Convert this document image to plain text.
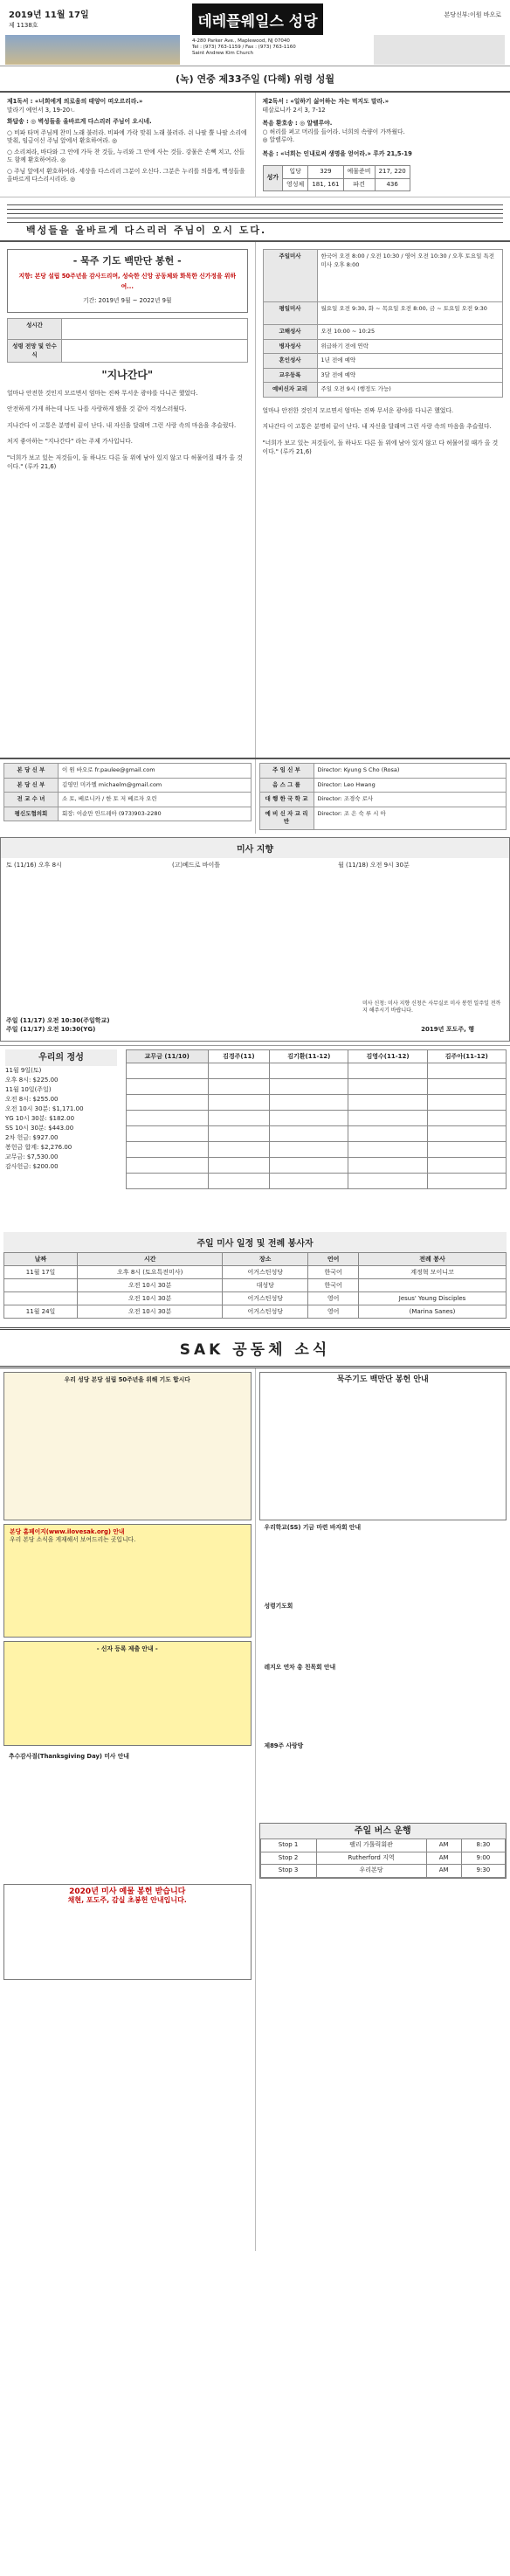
2019년 11월 17일
제 1138호	데레플웨일스 성당	본당신부:이원 바오로
4-280 Parker Ave., Maplewood, NJ 07040
Tel : (973) 763-1159 / Fax : (973) 763-1160
Saint Andrew Kim Church
(녹) 연중 제33주일 (다해) 위령 성월
제1독서 : «너희에게 의로움의 태양이 떠오르리라.»
말라기 예언서 3, 19-20ㄴ
화답송 : ◎ 벽성들을 올바르게 다스리러 주님이 오시네.
○ 비파 타며 주님께 찬미 노래 불러라. 비파에 가락 맞춰 노래 불러라. 쉬 나팔 뿔 나팔 소리에 맞춰, 임금이신 주님 앞에서 환호하여라. ◎
○ 소리쳐라, 바다와 그 안에 가득 찬 것들, 누리와 그 안에 사는 것들. 강물은 손뼉 치고, 산들도 함께 환호하여라. ◎
○ 주님 앞에서 환호하여라. 세상을 다스리러 그분이 오신다. 그분은 누리를 의롭게, 백성들을 올바르게 다스리시리라. ◎
제2독서 : «일하기 싫어하는 자는 먹지도 말라.»
테살로니카 2서 3, 7-12
복음 환호송 : ◎ 알렐루야.
○ 허리를 펴고 머리를 들어라. 너희의 속량이 가까웠다.
◎ 알렐루야.
복음 : «너희는 인내로써 생명을 얻어라.» 루카 21,5-19
성가	입당	329	예물준비	217, 220
	영성체	181, 161	파견	436
백성들을 올바르게 다스리러 주님이 오시 도다.
- 묵주 기도 백만단 봉헌 -
지향: 본당 설립 50주년을 감사드리며, 성숙한 신앙 공동체와 화목한 신가정을 위하여...
기간: 2019년 9월 ~ 2022년 9월
성시간	
성령 전망 및 안수식	
"지나간다"

얼마나 안전한 것인지 모르면서 엄마는 진짜 무서운 광야를 다니곤 했었다.

안전하게 가게 하는데 나도 나를 사랑하게 됐을 것 같아 걱정스러웠다.

지나간다 이 고통은 분명히 끝이 난다. 내 자신을 달래며 그런 사랑 속의 마음을 추슬렀다.

처지 좋아하는 "지나간다" 라는 주제 가사입니다.

"너희가 보고 있는 저것들이, 돌 하나도 다른 돌 위에 남아 있지 않고 다 허물어질 때가 올 것이다." (루카 21,6)

주일미사	한국어 오전 8:00 / 오전 10:30 / 영어 오전 10:30 / 오후 토요일 특전미사 오후 8:00
평일미사	월요일 오전 9:30, 화 ~ 목요일 오전 8:00, 금 ~ 토요일 오전 9:30
고해성사	오전 10:00 ~ 10:25
병자성사	위급하기 전에 연락
혼인성사	1년 전에 예약
교우등록	3달 전에 예약
예비신자 교리	주일 오전 9시 (행정도 가능)

얼마나 안전한 것인지 모르면서 엄마는 진짜 무서운 광야를 다니곤 했었다.

지나간다 이 고통은 분명히 끝이 난다. 내 자신을 달래며 그런 사랑 속의 마음을 추슬렀다.

"너희가 보고 있는 저것들이, 돌 하나도 다른 돌 위에 남아 있지 않고 다 허물어질 때가 올 것이다." (루카 21,6)

본 당 신 부	이 원 바오로 fr.paulee@gmail.com
본 당 신 부	김영민 미카엘 michaelm@gmail.com
전 교 수 녀	소 토, 베로니카 / 한 토 저 베르자 오린
평신도협의회	회장: 이순만 안드레아 (973)903-2280
주 임 신 부	Director: Kyung S Cho (Rosa)
음 스 그 를	Director: Leo Hwang
대 행 한 국 학 교	Director: 조경숙 로사
예 비 신 자 교 리 반	Director: 조 은 숙 루 시 아
미사 지향
토 (11/16) 오후 8시	(고)베드로 바이틀	월 (11/18) 오전 9시 30분
주일 (11/17) 오전 10:30(주일학교)
주일 (11/17) 오전 10:30(YG)
미사 신청: 미사 지향 신청은 사무실로 미사 봉헌 일주일 전까지 해주시기 바랍니다.
2019년 포도주, 행
우리의 정성
11월 9일(토)
오후 8시: $225.00
11월 10일(주일)
오전 8시: $255.00
오전 10시 30분: $1,171.00
YG 10시 30분: $182.00
SS 10시 30분: $443.00
2차 헌금: $927.00
봉헌금 합계: $2,276.00
교무금: $7,530.00
감사헌금: $200.00
교무금 (11/10)	김경주(11)	김기환(11-12)	김영수(11-12)	김주아(11-12)

주일 미사 일정 및 전례 봉사자
날짜	시간	장소	언어	전례 봉사
11월 17일	오후 8시 (토요특전미사)	어거스틴성당	한국어	계정혁 모이니코
	오전 10시 30분	대성당	한국어	
	오전 10시 30분	어거스틴성당	영어	Jesus' Young Disciples
11월 24일	오전 10시 30분	어거스틴성당	영어	(Marina Sanes)
SAK 공동체 소식
우리 성당 본당 설립 50주년을 위해 기도 합시다
본당 홈페이지(www.ilovesak.org) 안내
우리 본당 소식을 게재해서 보여드리는 곳입니다.
- 신자 등록 제출 안내 -
추수감사절(Thanksgiving Day) 미사 안내
2020년 미사 예물 봉헌 받습니다
채현, 포도주, 감실 초봉헌 안내입니다.
묵주기도 백만단 봉헌 안내
우리학교(SS) 기금 마련 바자회 안내
성령기도회
레지오 연차 총 친목회 안내
제89주 사랑방
주일 버스 운행
Stop 1	팰리 가톨릭회관	AM	8:30
Stop 2	Rutherford 지역	AM	9:00
Stop 3	우리본당	AM	9:30
